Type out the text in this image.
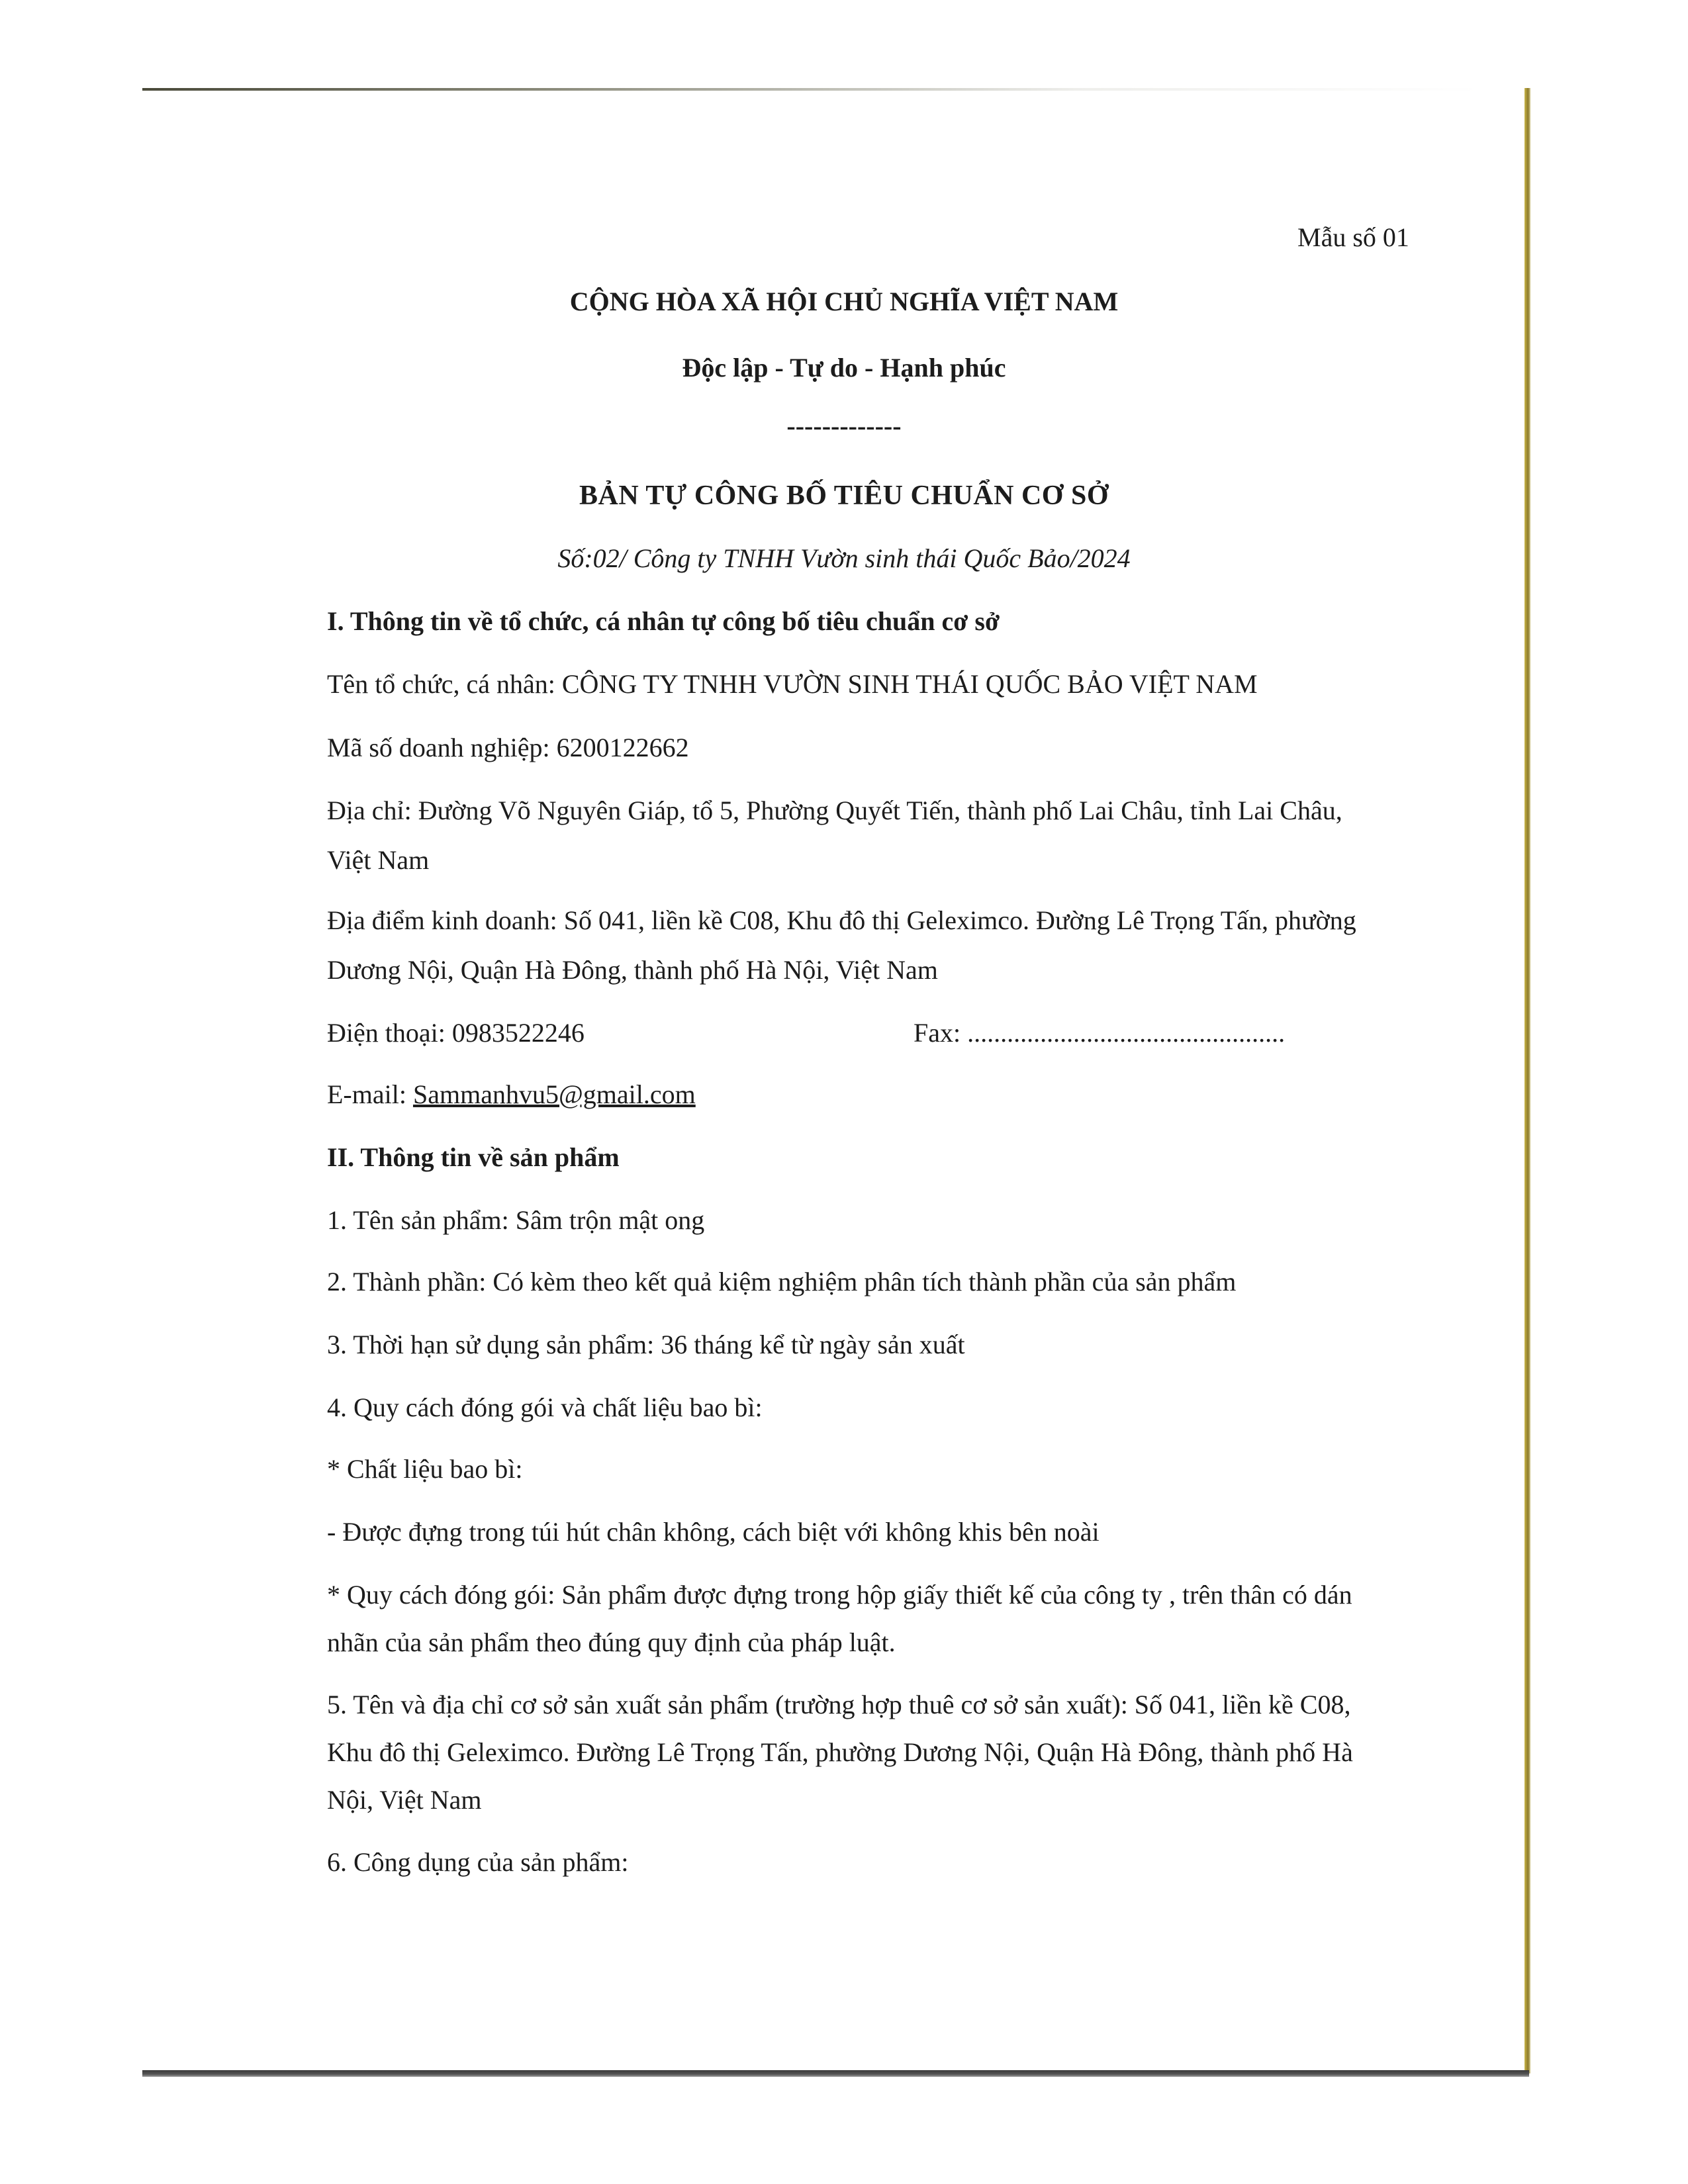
Mẫu số 01

CỘNG HÒA XÃ HỘI CHỦ NGHĨA VIỆT NAM

Độc lập - Tự do - Hạnh phúc

-------------

BẢN TỰ CÔNG BỐ TIÊU CHUẨN CƠ SỞ

Số:02/ Công ty TNHH Vườn sinh thái Quốc Bảo/2024

I. Thông tin về tổ chức, cá nhân tự công bố tiêu chuẩn cơ sở

Tên tổ chức, cá nhân: CÔNG TY TNHH VƯỜN SINH THÁI QUỐC BẢO VIỆT NAM

Mã số doanh nghiệp: 6200122662

Địa chỉ: Đường Võ Nguyên Giáp, tổ 5, Phường Quyết Tiến, thành phố Lai Châu, tỉnh Lai Châu,

Việt Nam

Địa điểm kinh doanh: Số 041, liền kề C08, Khu đô thị Geleximco. Đường Lê Trọng Tấn, phường

Dương Nội, Quận Hà Đông, thành phố Hà Nội, Việt Nam

Điện thoại: 0983522246	Fax: ................................................

E-mail: Sammanhvu5@gmail.com

II. Thông tin về sản phẩm

1. Tên sản phẩm: Sâm trộn mật ong

2. Thành phần: Có kèm theo kết quả kiệm nghiệm phân tích thành phần của sản phẩm

3. Thời hạn sử dụng sản phẩm: 36 tháng kể từ ngày sản xuất

4. Quy cách đóng gói và chất liệu bao bì:

* Chất liệu bao bì:

- Được đựng trong túi hút chân không, cách biệt với không khis bên noài

* Quy cách đóng gói: Sản phẩm được đựng trong hộp giấy thiết kế của công ty , trên thân có dán

nhãn của sản phẩm theo đúng quy định của pháp luật.

5. Tên và địa chỉ cơ sở sản xuất sản phẩm (trường hợp thuê cơ sở sản xuất): Số 041, liền kề C08,

Khu đô thị Geleximco. Đường Lê Trọng Tấn, phường Dương Nội, Quận Hà Đông, thành phố Hà

Nội, Việt Nam

6. Công dụng của sản phẩm:
